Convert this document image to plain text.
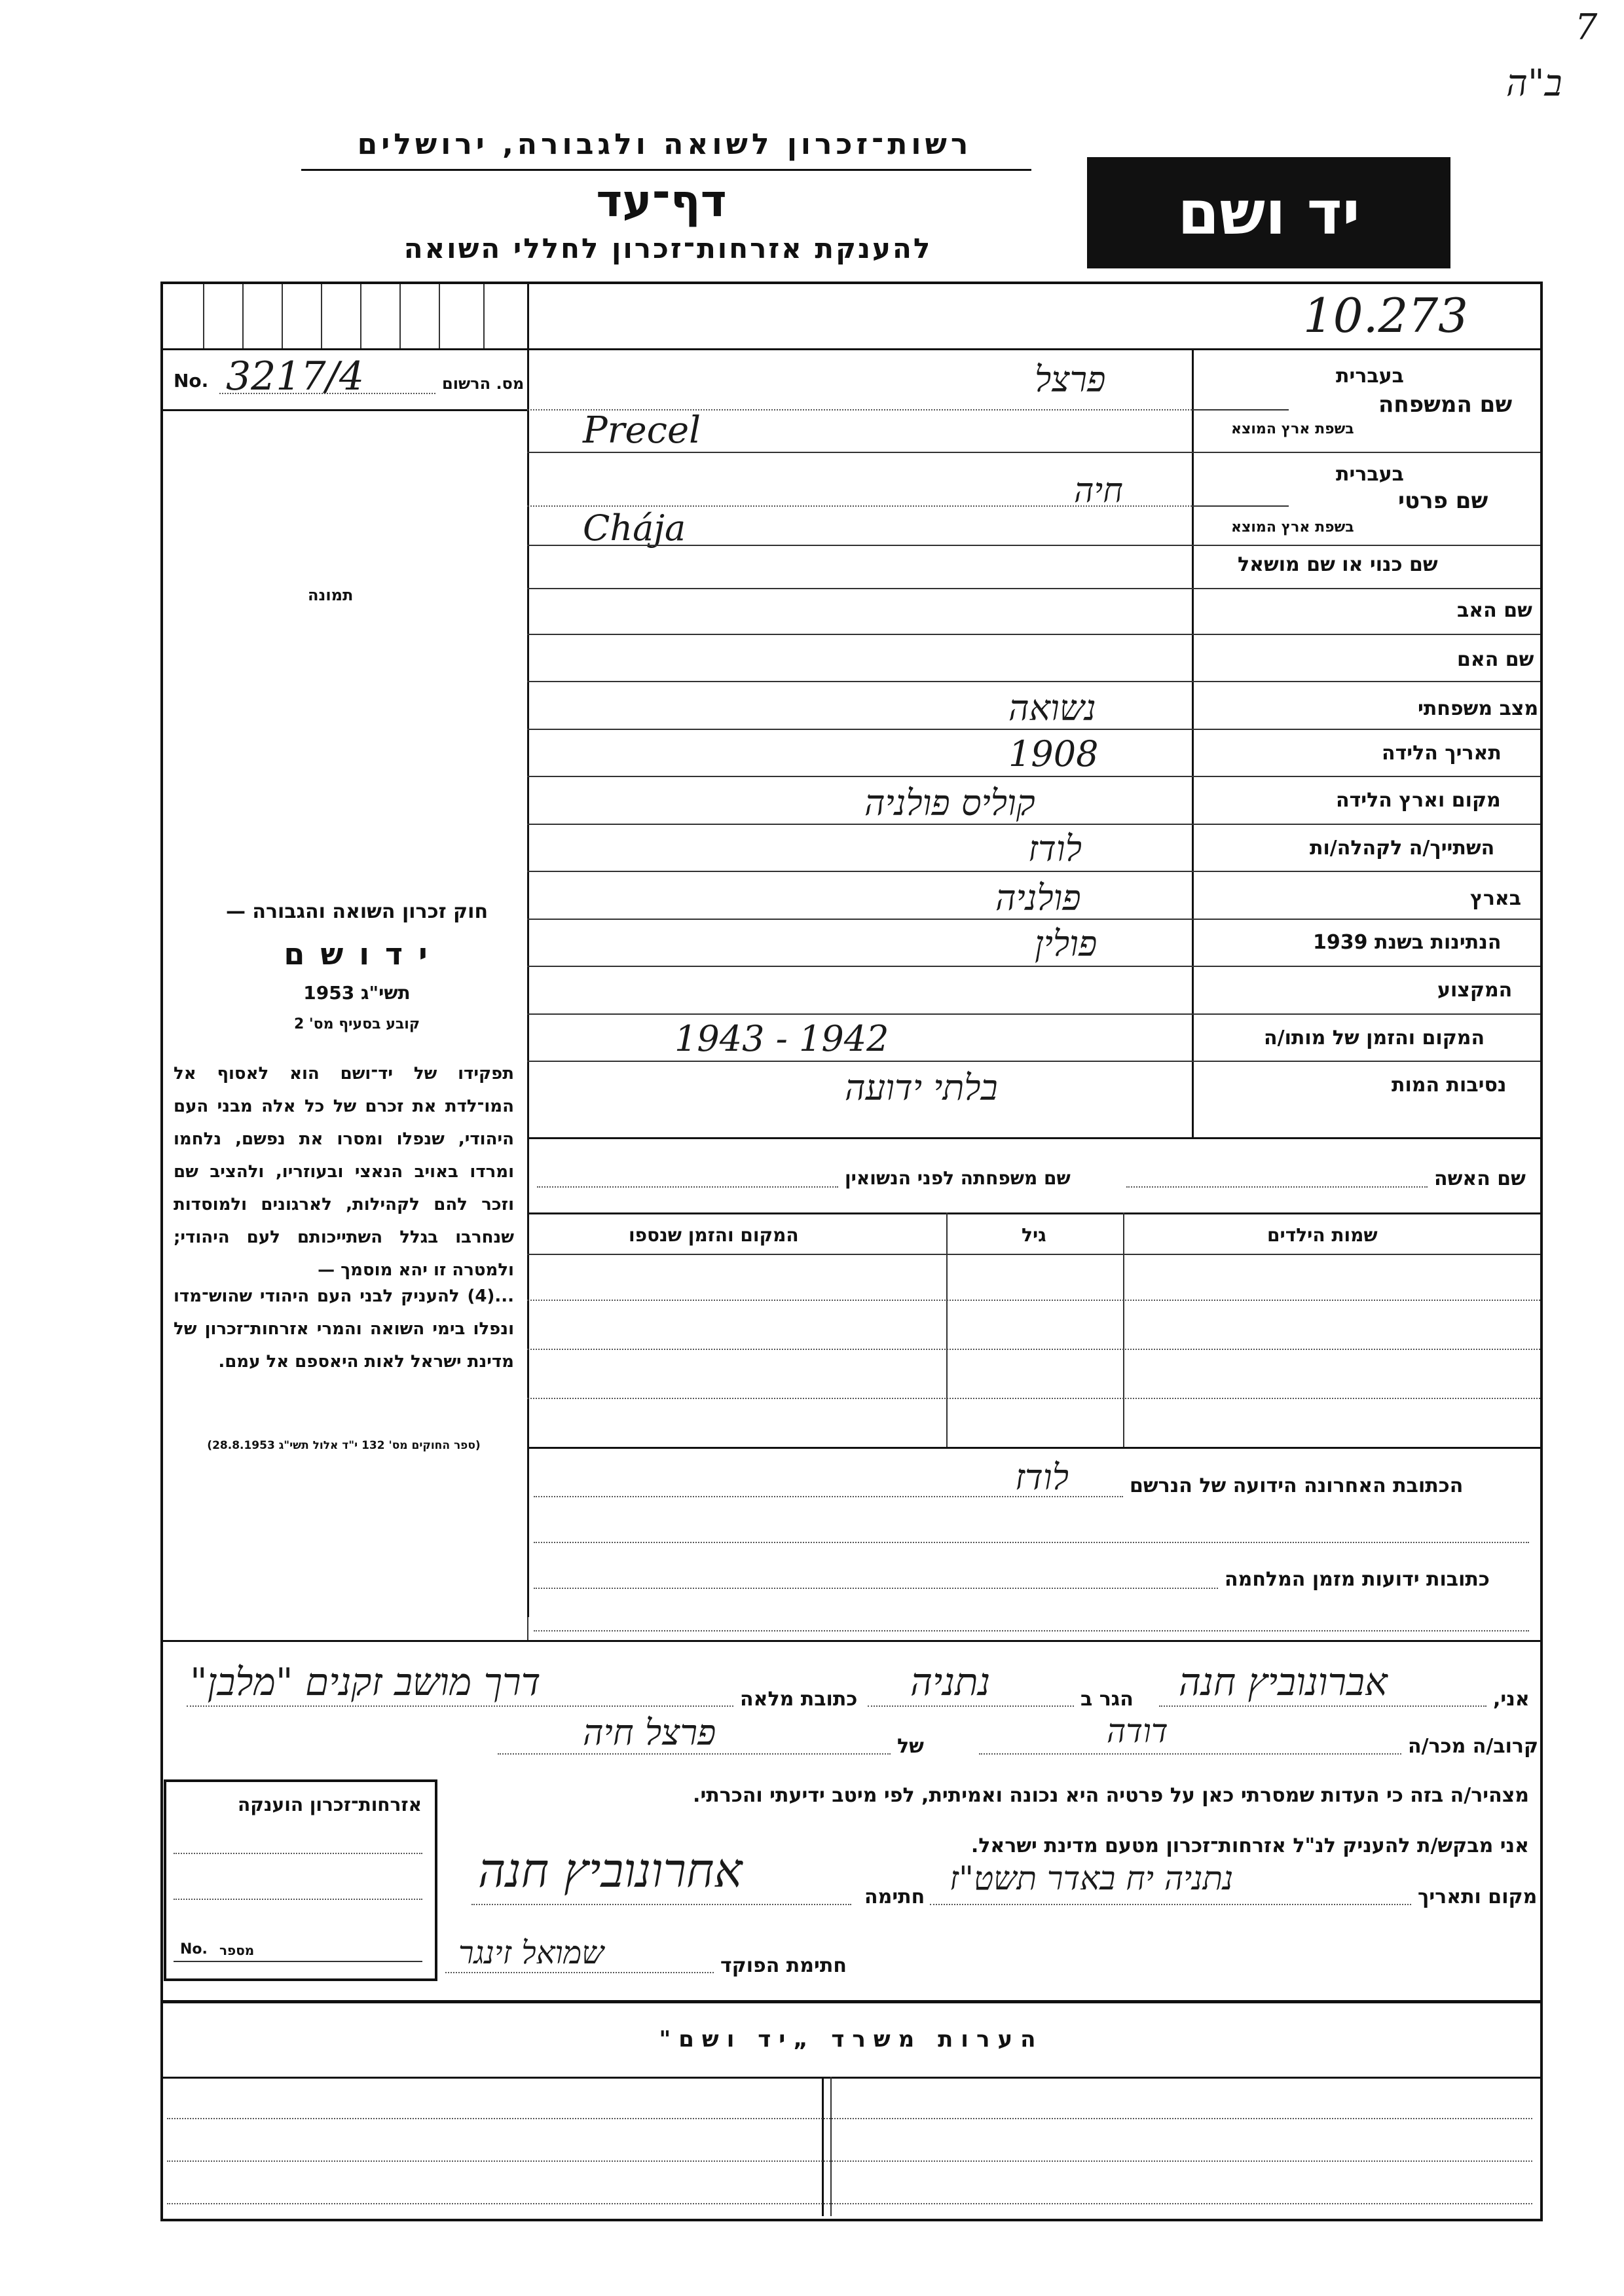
7
ב"ה
רשות־זכרון לשואה ולגבורה, ירושלים
דף־עד
להענקת אזרחות־זכרון לחללי השואה
יד ושם
10.273
No. 3217/4	מס. הרשום
תמונה
בעברית
בשפת ארץ המוצא
שם המשפחה
פרצל
Precel
בעברית
בשפת ארץ המוצא
שם פרטי
חיה
Chája
שם כנוי או שם מושאל
שם האב
שם האם
מצב משפחתי
נשואה
תאריך הלידה
1908
מקום וארץ הלידה
קוליס פולניה
השתייך/ה לקהלה/ות
לודז
בארץ
פולניה
הנתינות בשנת 1939
פולין
המקצוע
המקום והזמן של מותו/ה
1943 - 1942
נסיבות המות
בלתי ידועה
שם האשה
שם משפחתה לפני הנשואין
שמות הילדים
גיל
המקום והזמן שנספו
הכתובת האחרונה הידועה של הנרשם
לודז
כתובות ידועות מזמן המלחמה
חוק זכרון השואה והגבורה —
י ד ו ש ם
תשי"ג 1953
קובע בסעיף מס' 2
תפקידו של יד־ושם הוא לאסוף אל המו־לדת את זכרם של כל אלה מבני העם היהודי, שנפלו ומסרו את נפשם, נלחמו ומרדו באויב הנאצי ובעוזריו, ולהציב שם וזכר להם לקהילות, לארגונים ולמוסדות שנחרבו בגלל השתייכותם לעם היהודי; ולמטרה זו יהא מוסמך —
...(4) להעניק לבני העם היהודי שהוש־מדו ונפלו בימי השואה והמרי אזרחות־זכרון של מדינת ישראל לאות היאספם אל עמם.
(ספר החוקים מס' 132 י"ד אלול תשי"ג 28.8.1953)
אני,
אברונוביץ חנה
הגר ב
נתניה
כתובת מלאה
דרך מושב זקנים "מלבן"
קרוב/ה מכר/ה
דודה
של
פרצל חיה
מצהיר/ה בזה כי העדות שמסרתי כאן על פרטיה היא נכונה ואמיתית, לפי מיטב ידיעתי והכרתי.
אני מבקש/ת להעניק לנ"ל אזרחות־זכרון מטעם מדינת ישראל.
מקום ותאריך
נתניה יח באדר תשט"ז
חתימה
אחרונוביץ חנה
חתימת הפוקד
שמואל זינגר
אזרחות־זכרון הוענקה
No. מספר
הערות משרד „יד ושם"
